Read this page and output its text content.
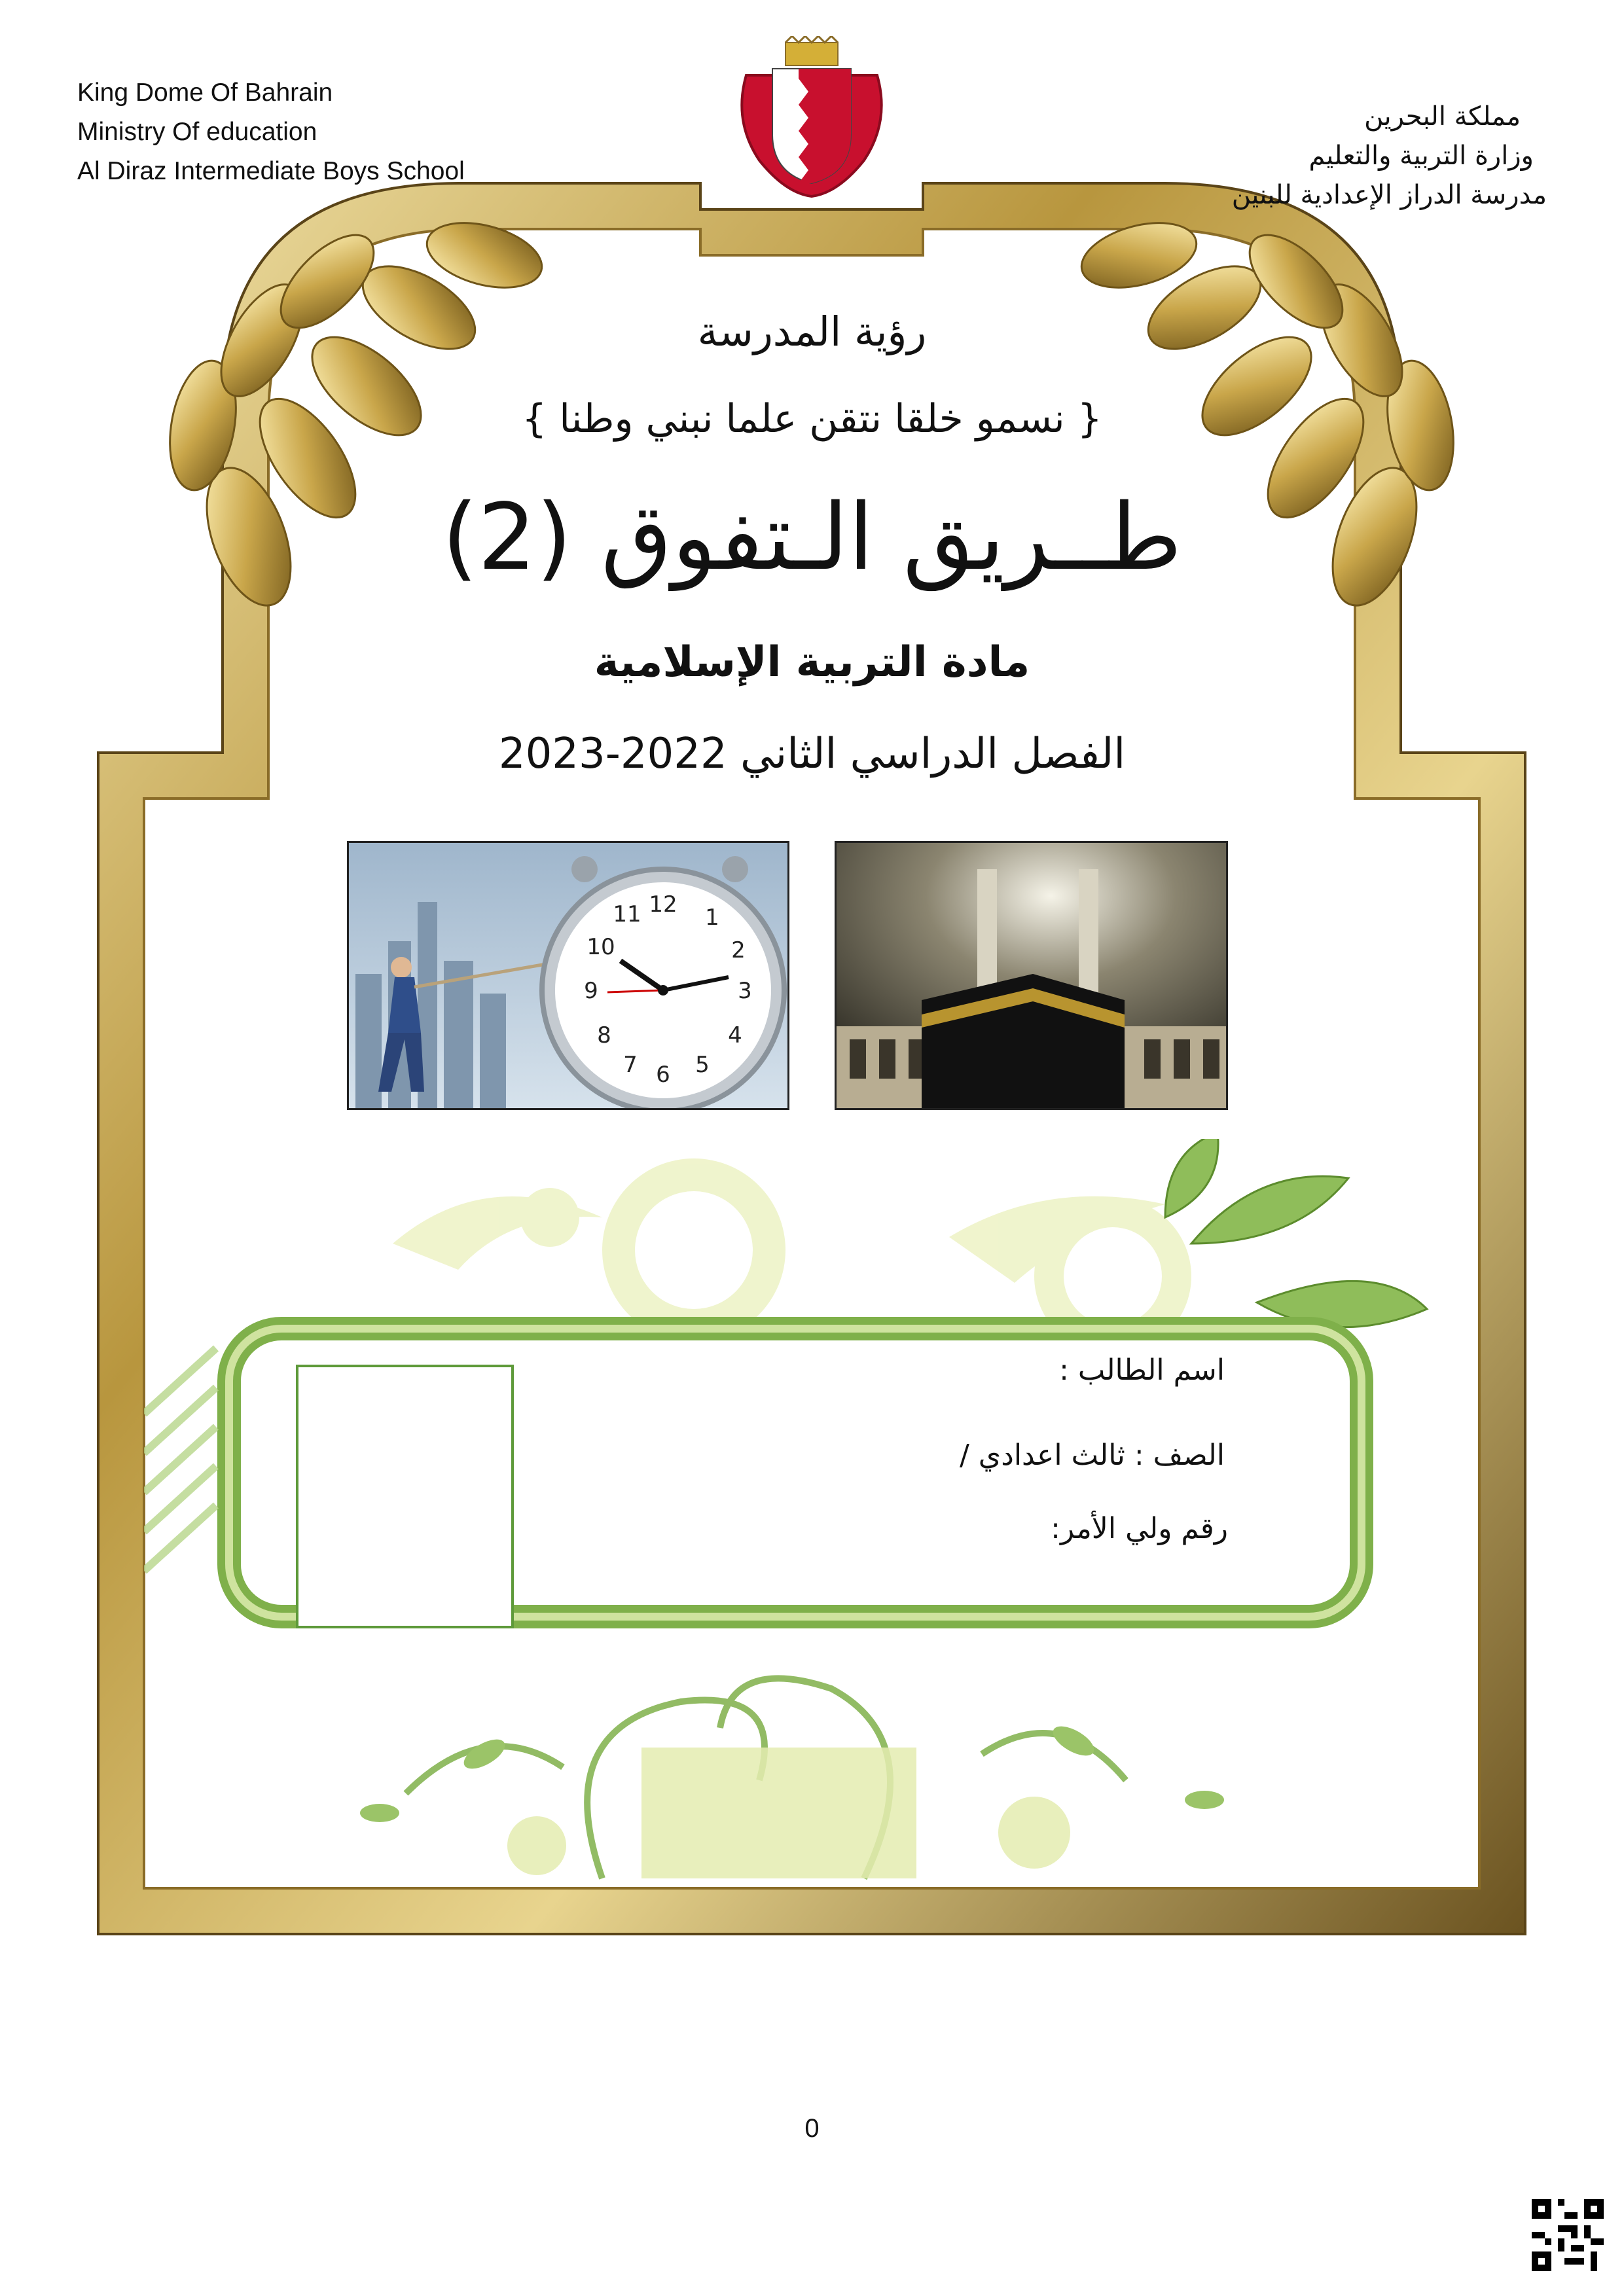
King Dome Of Bahrain
Ministry Of education
Al Diraz Intermediate Boys School
مملكة البحرين
وزارة التربية والتعليم
مدرسة الدراز الإعدادية للبنين
رؤية المدرسة
{ نسمو خلقا نتقن علما نبني وطنا }
طــريق الـتفوق (2)
مادة التربية الإسلامية
الفصل الدراسي الثاني 2022-2023
12
11	1
10	2
9	3
8	4
7 6 5
اسم الطالب :
الصف : ثالث اعدادي /
رقم ولي الأمر:
0
